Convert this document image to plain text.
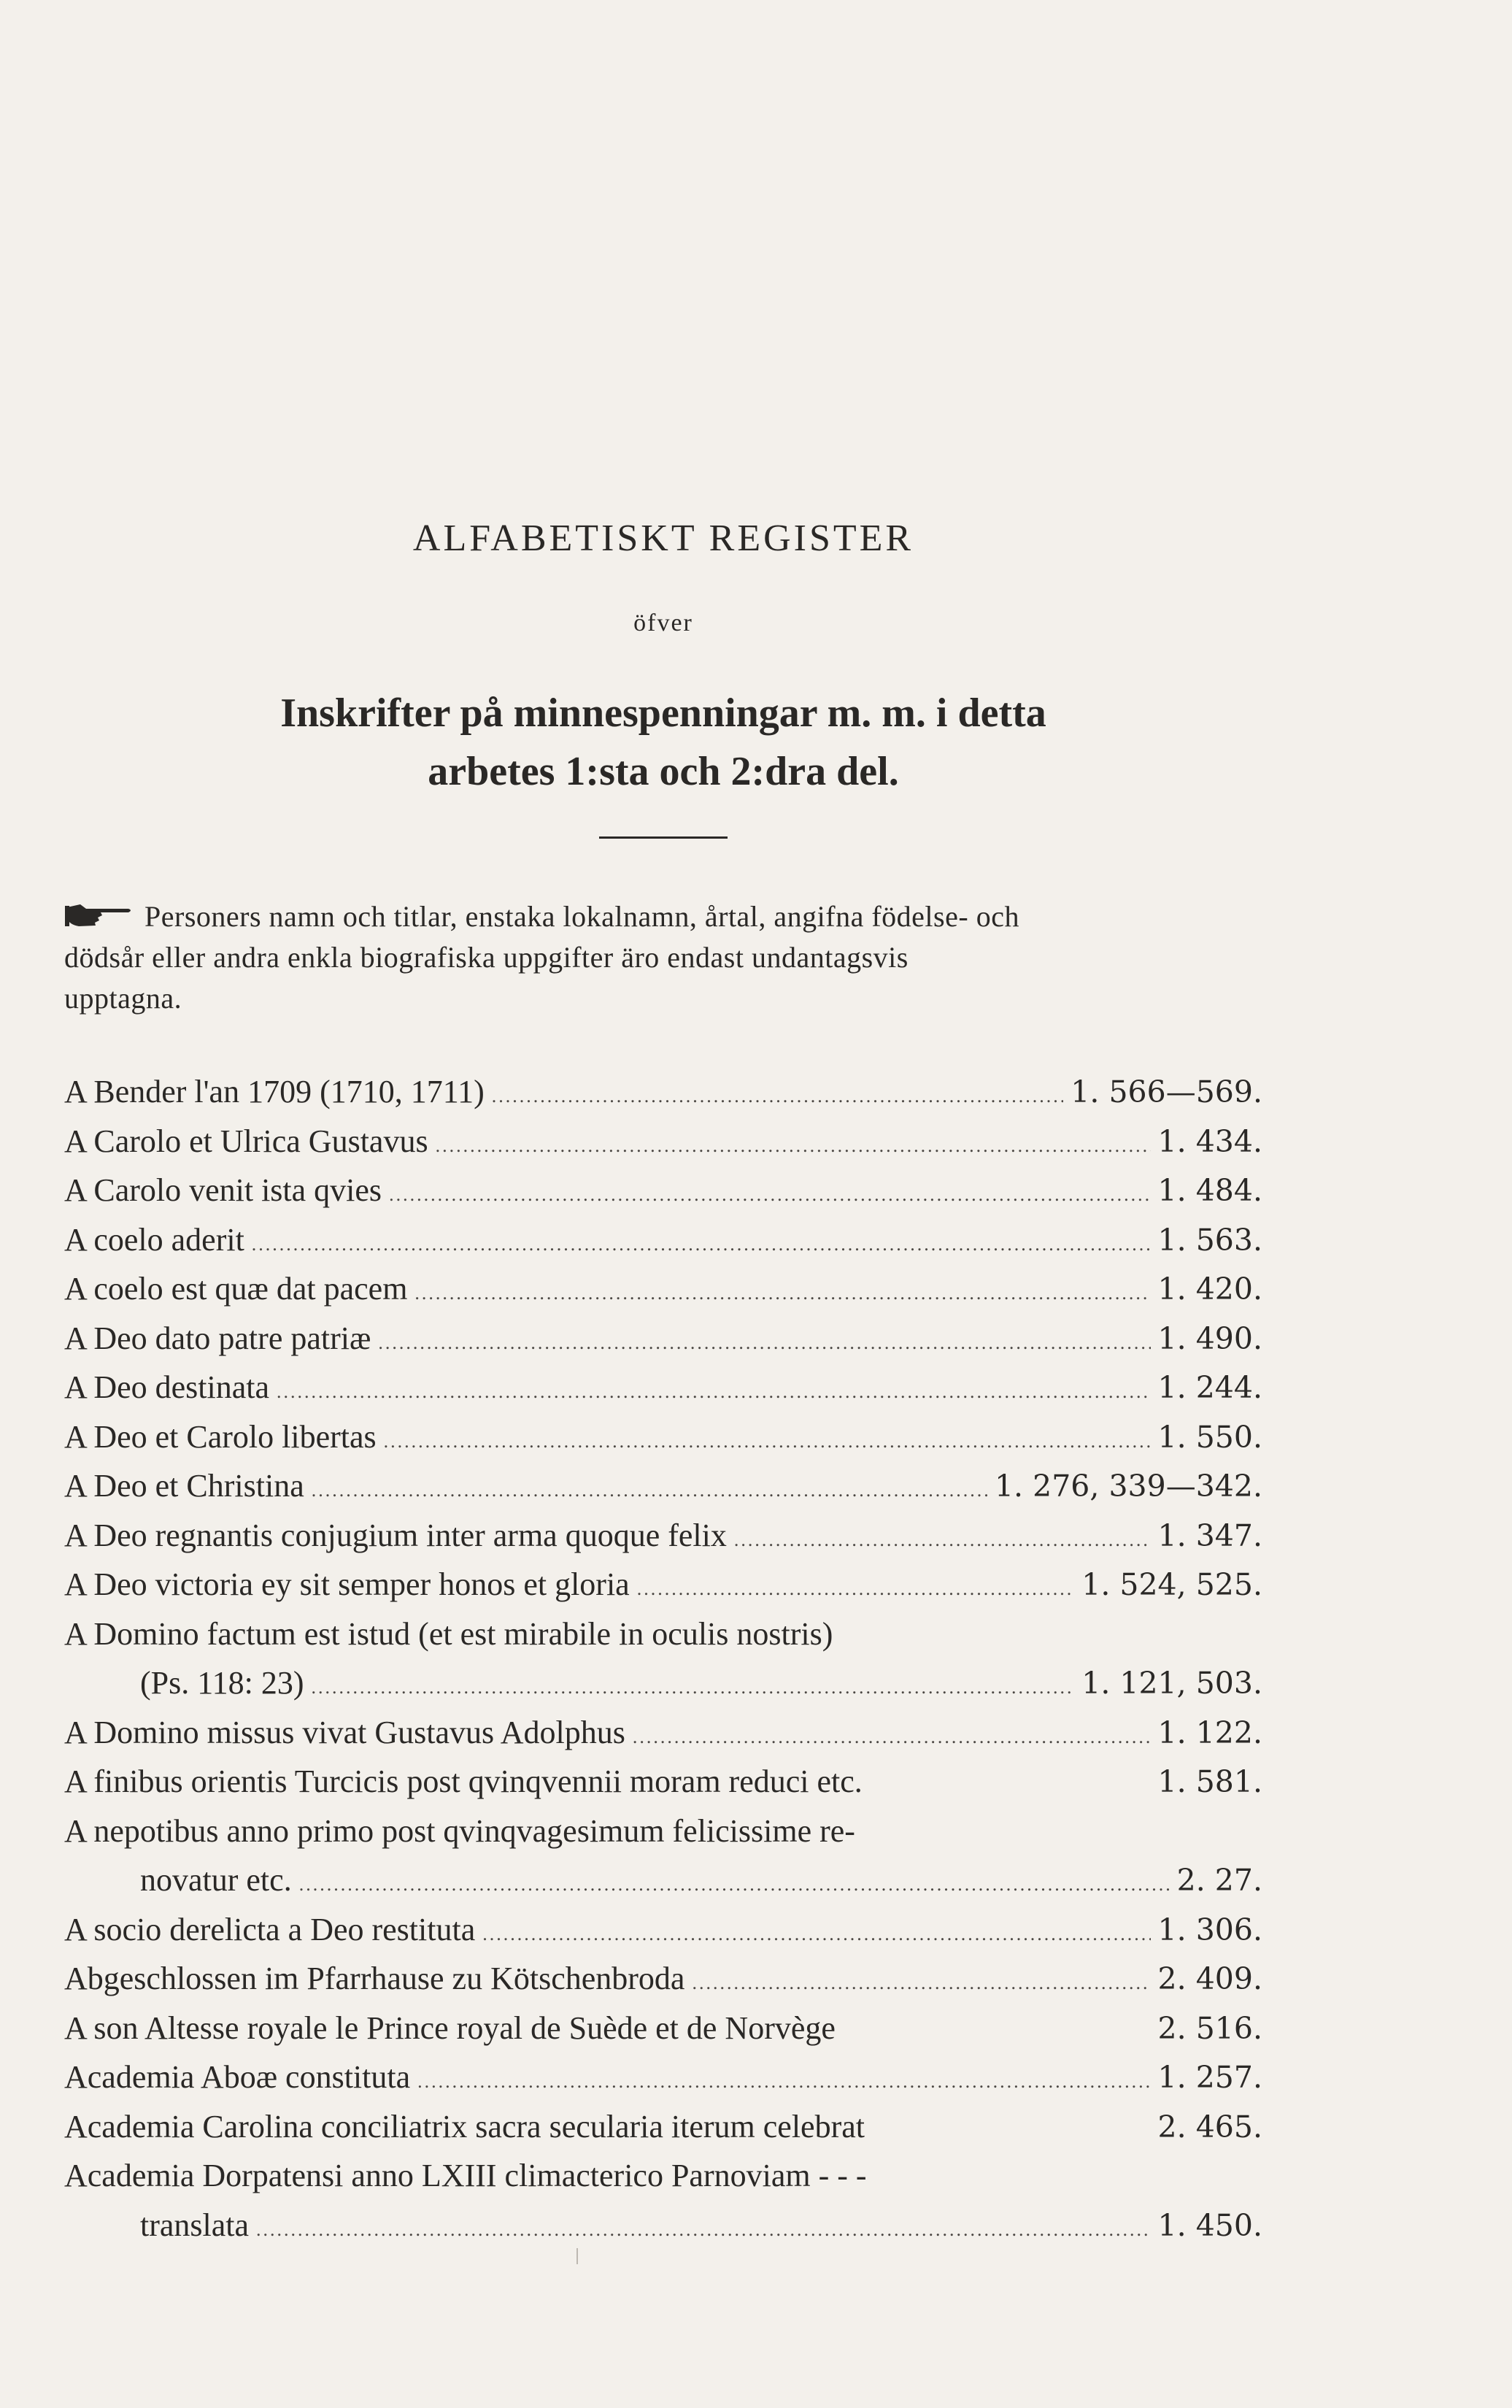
ALFABETISKT REGISTER

öfver

Inskrifter på minnespenningar m. m. i detta
arbetes 1:sta och 2:dra del.

Personers namn och titlar, enstaka lokalnamn, årtal, angifna födelse- och
dödsår eller andra enkla biografiska uppgifter äro endast undantagsvis
upptagna.

A Bender l'an 1709 (1710, 1711) .....	1. 566—569.
A Carolo et Ulrica Gustavus .....	1. 434.
A Carolo venit ista qvies .....	1. 484.
A coelo aderit .....	1. 563.
A coelo est quæ dat pacem .....	1. 420.
A Deo dato patre patriæ .....	1. 490.
A Deo destinata .....	1. 244.
A Deo et Carolo libertas .....	1. 550.
A Deo et Christina .....	1. 276, 339—342.
A Deo regnantis conjugium inter arma quoque felix .....	1. 347.
A Deo victoria ey sit semper honos et gloria .....	1. 524, 525.
A Domino factum est istud (et est mirabile in oculis nostris)
(Ps. 118: 23) .....	1. 121, 503.
A Domino missus vivat Gustavus Adolphus .....	1. 122.
A finibus orientis Turcicis post qvinqvennii moram reduci etc.	1. 581.
A nepotibus anno primo post qvinqvagesimum felicissime re-
novatur etc. .....	2. 27.
A socio derelicta a Deo restituta .....	1. 306.
Abgeschlossen im Pfarrhause zu Kötschenbroda .....	2. 409.
A son Altesse royale le Prince royal de Suède et de Norvège	2. 516.
Academia Aboæ constituta .....	1. 257.
Academia Carolina conciliatrix sacra secularia iterum celebrat	2. 465.
Academia Dorpatensi anno LXIII climacterico Parnoviam - - -
translata .....	1. 450.
